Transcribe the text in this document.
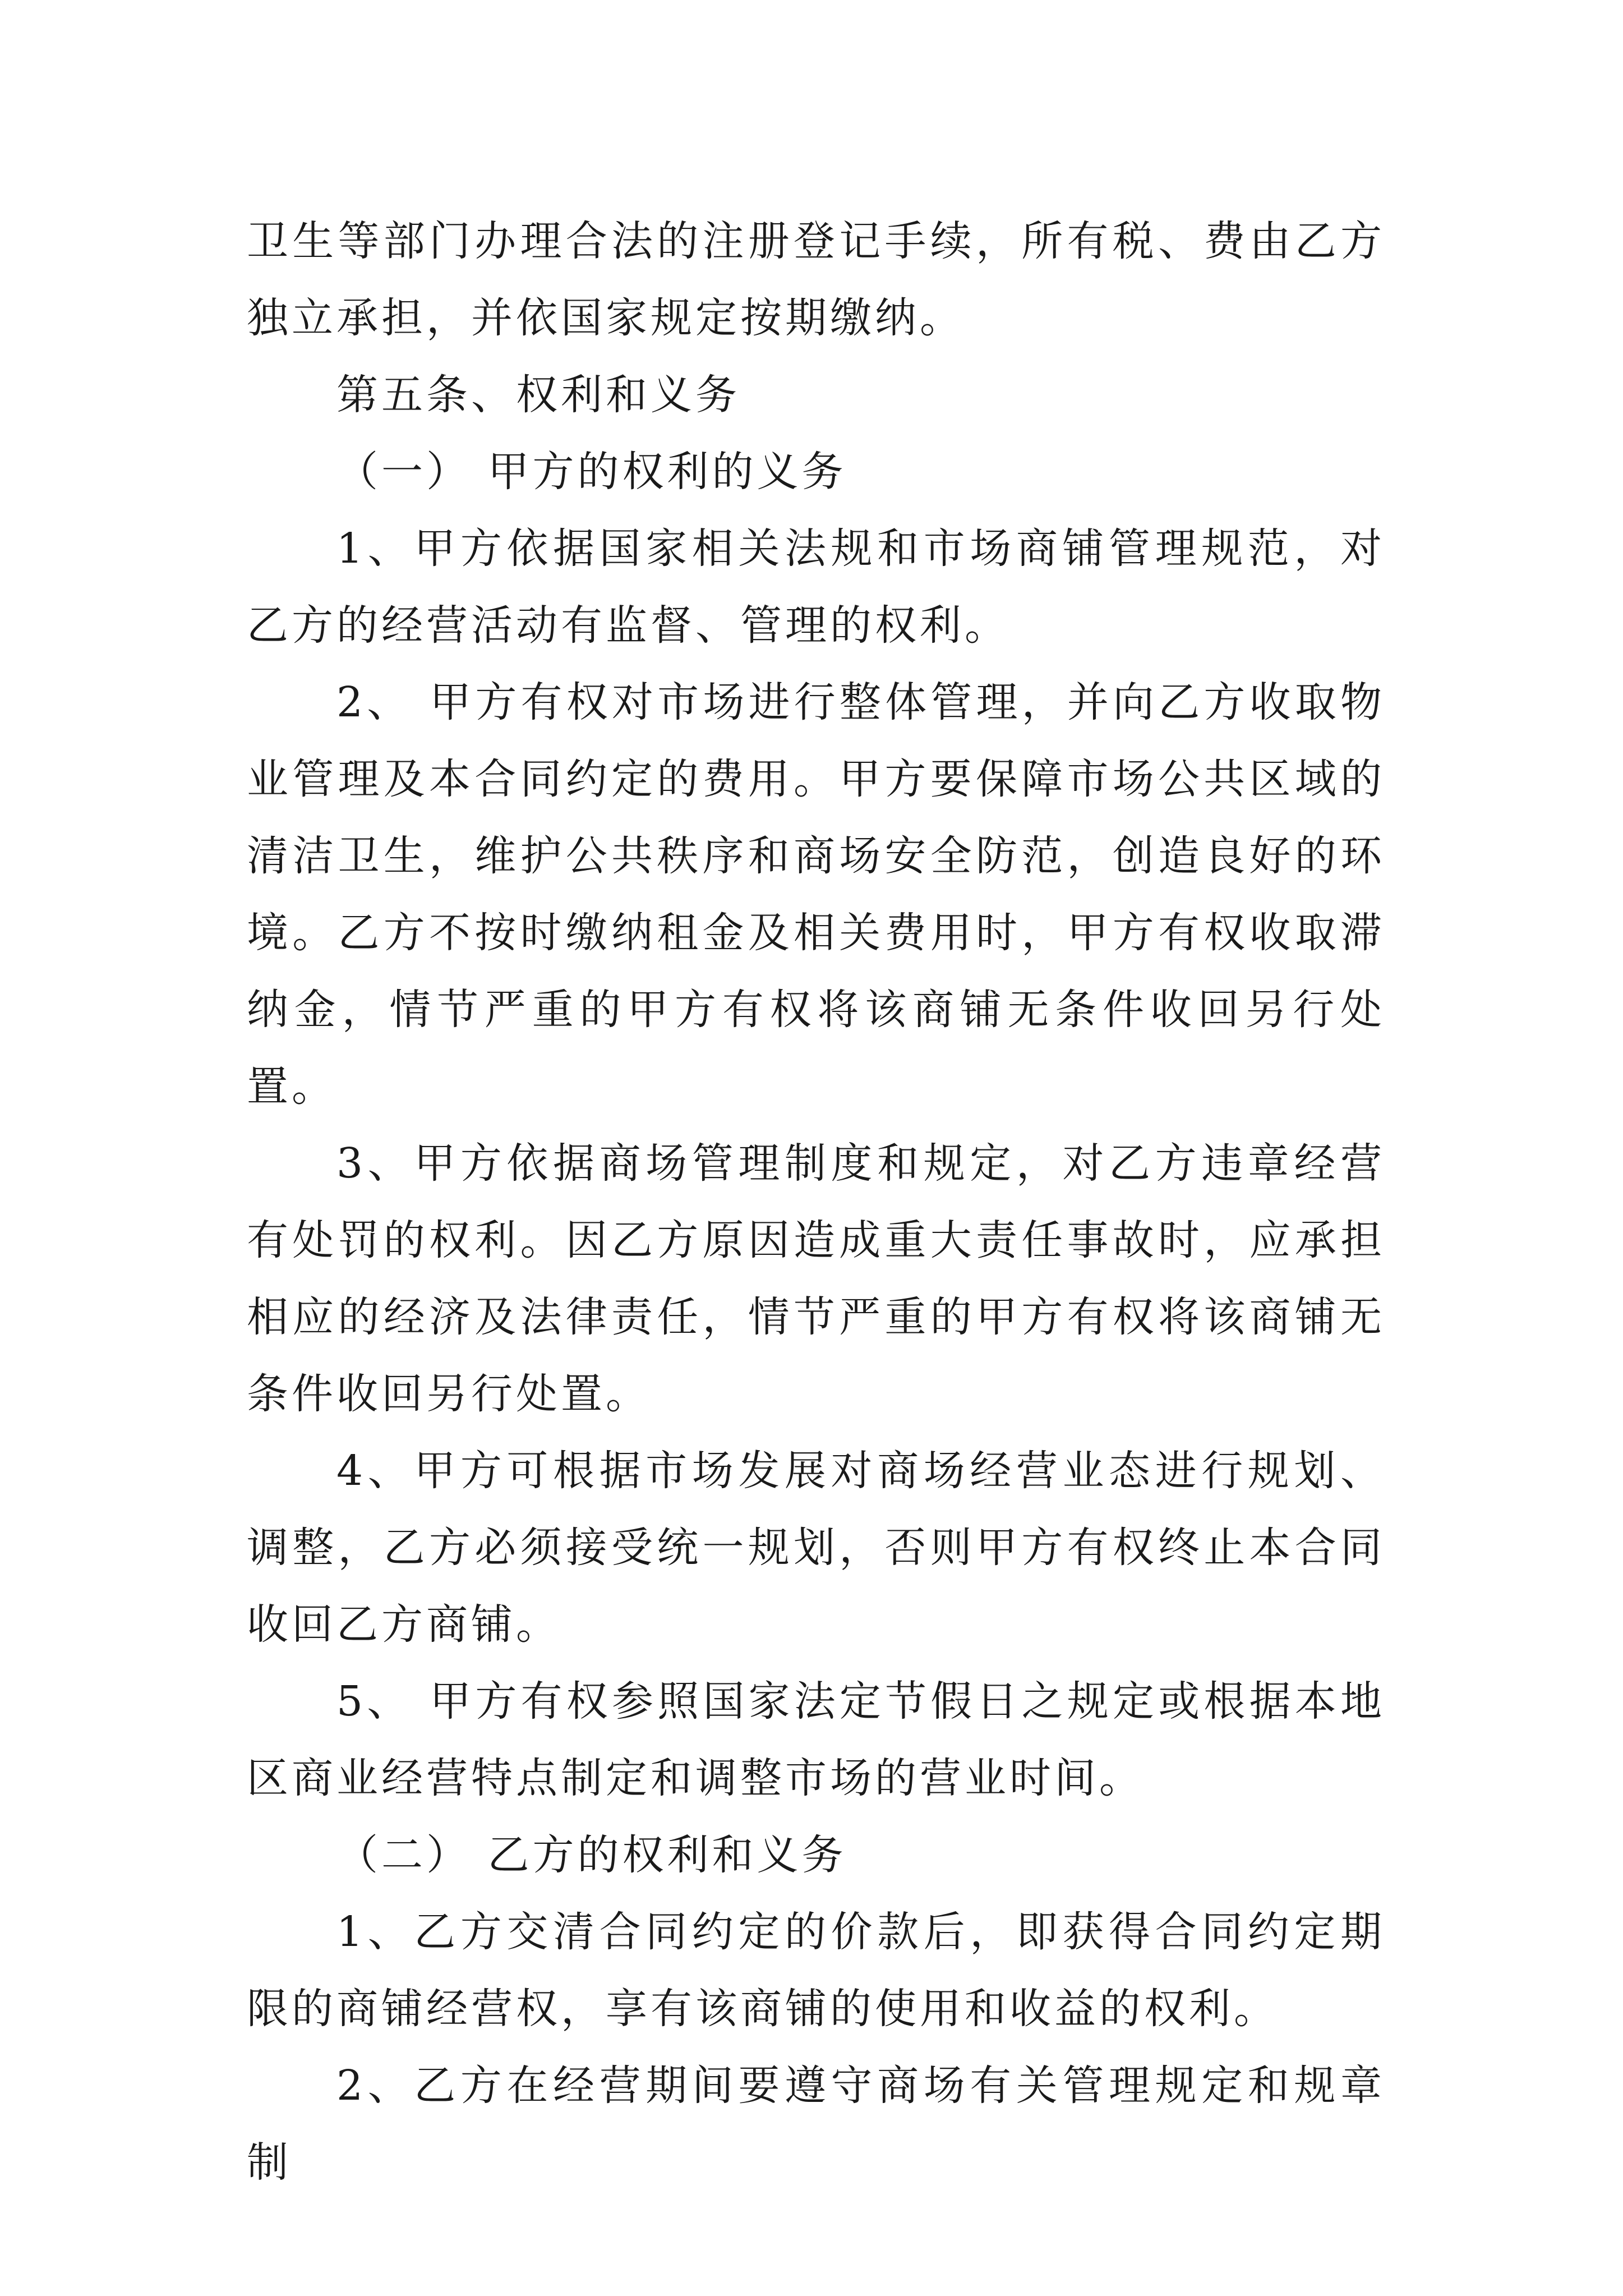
卫生等部门办理合法的注册登记手续，所有税、费由乙方独立承担，并依国家规定按期缴纳。

第五条、权利和义务

（一） 甲方的权利的义务

1、甲方依据国家相关法规和市场商铺管理规范，对乙方的经营活动有监督、管理的权利。

2、 甲方有权对市场进行整体管理，并向乙方收取物业管理及本合同约定的费用。甲方要保障市场公共区域的清洁卫生，维护公共秩序和商场安全防范，创造良好的环境。乙方不按时缴纳租金及相关费用时，甲方有权收取滞纳金，情节严重的甲方有权将该商铺无条件收回另行处置。

3、甲方依据商场管理制度和规定，对乙方违章经营有处罚的权利。因乙方原因造成重大责任事故时，应承担相应的经济及法律责任，情节严重的甲方有权将该商铺无条件收回另行处置。

4、甲方可根据市场发展对商场经营业态进行规划、调整，乙方必须接受统一规划，否则甲方有权终止本合同收回乙方商铺。

5、 甲方有权参照国家法定节假日之规定或根据本地区商业经营特点制定和调整市场的营业时间。

（二） 乙方的权利和义务

1、乙方交清合同约定的价款后，即获得合同约定期限的商铺经营权，享有该商铺的使用和收益的权利。

2、乙方在经营期间要遵守商场有关管理规定和规章制
